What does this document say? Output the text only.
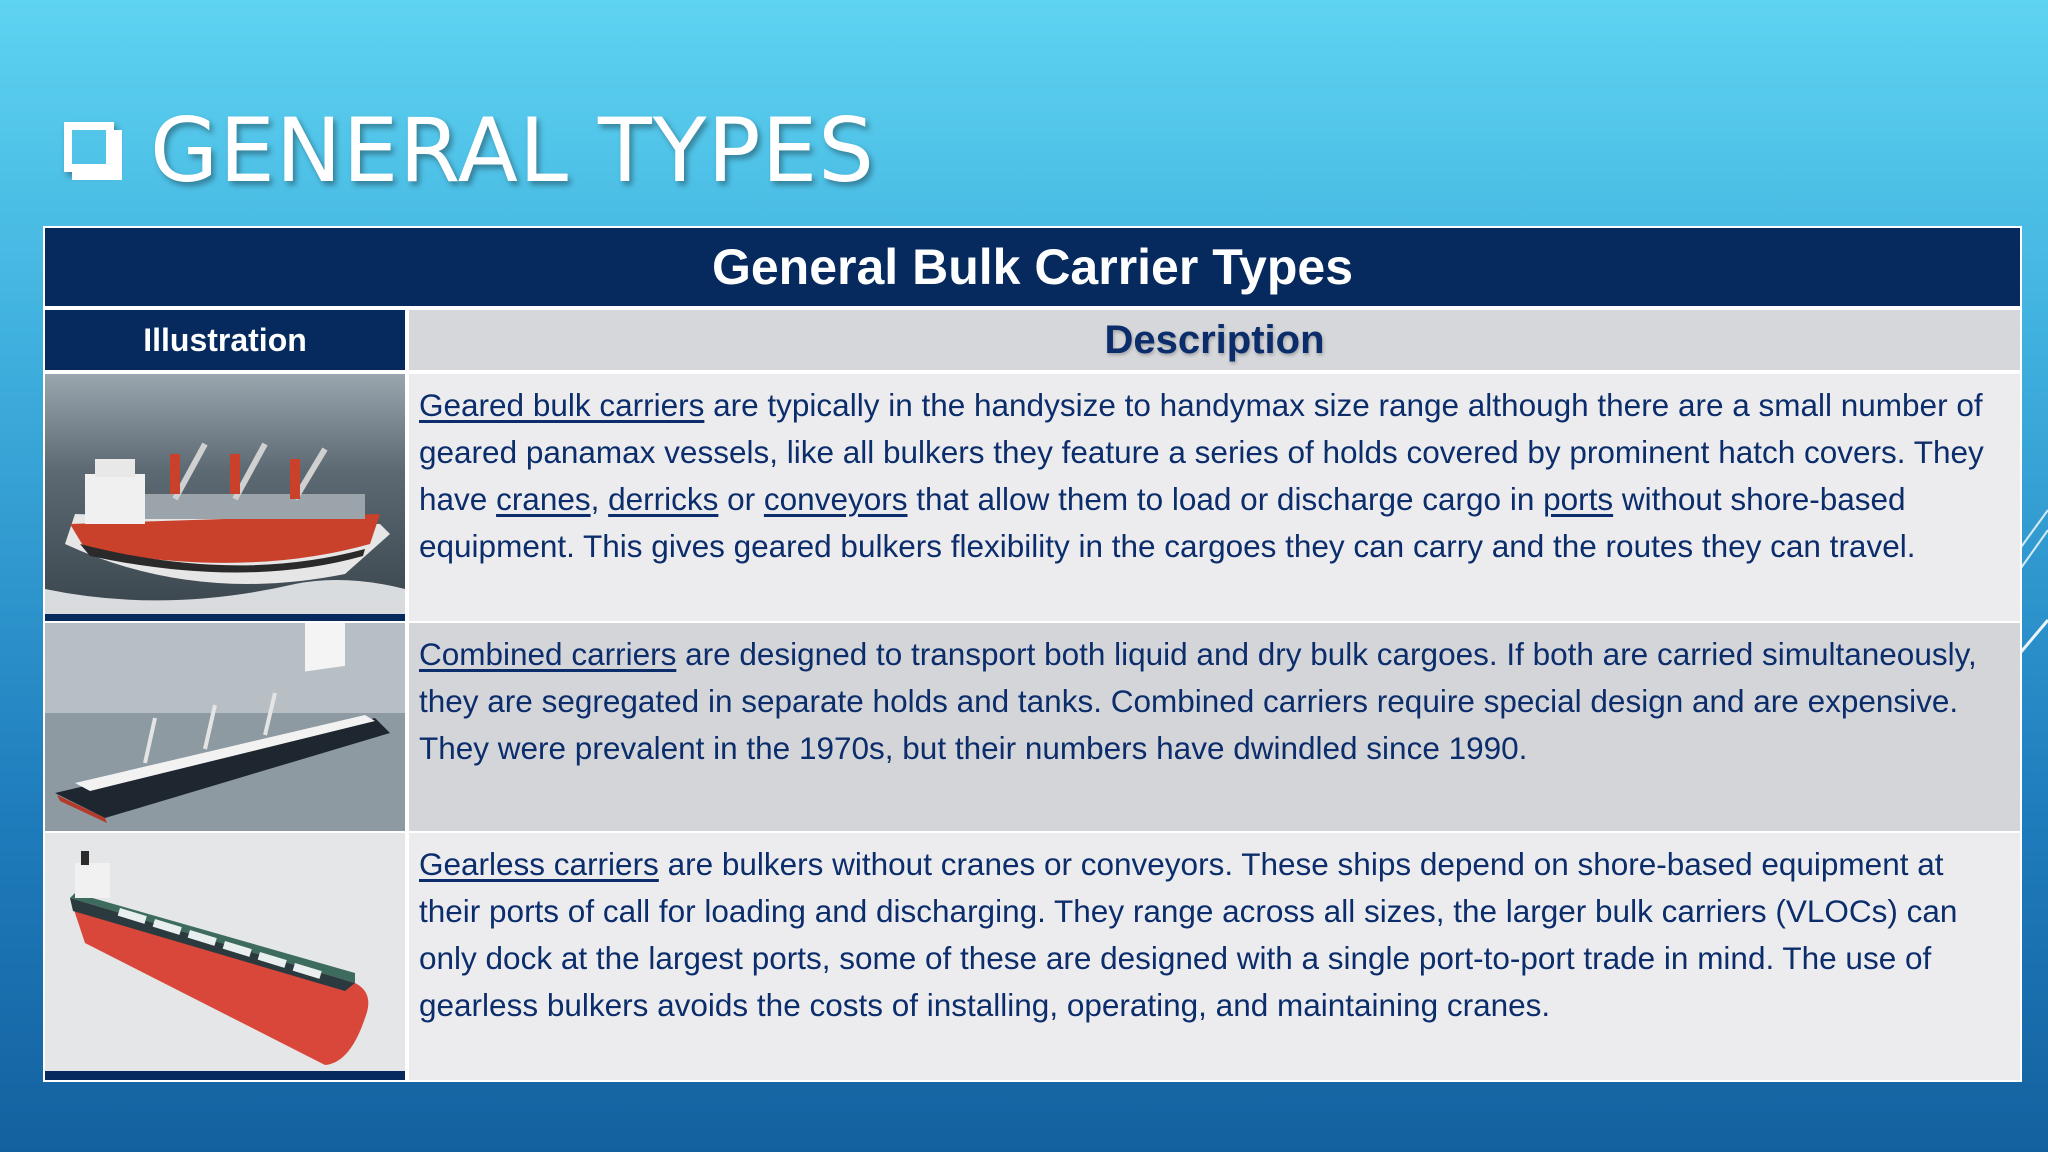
GENERAL TYPES
General Bulk Carrier Types
Illustration	Description
Geared bulk carriers are typically in the handysize to handymax size range although there are a small number of geared panamax vessels, like all bulkers they feature a series of holds covered by prominent hatch covers. They have cranes, derricks or conveyors that allow them to load or discharge cargo in ports without shore-based equipment. This gives geared bulkers flexibility in the cargoes they can carry and the routes they can travel.
Combined carriers are designed to transport both liquid and dry bulk cargoes. If both are carried simultaneously, they are segregated in separate holds and tanks. Combined carriers require special design and are expensive. They were prevalent in the 1970s, but their numbers have dwindled since 1990.
Gearless carriers are bulkers without cranes or conveyors. These ships depend on shore-based equipment at their ports of call for loading and discharging. They range across all sizes, the larger bulk carriers (VLOCs) can only dock at the largest ports, some of these are designed with a single port-to-port trade in mind. The use of gearless bulkers avoids the costs of installing, operating, and maintaining cranes.
